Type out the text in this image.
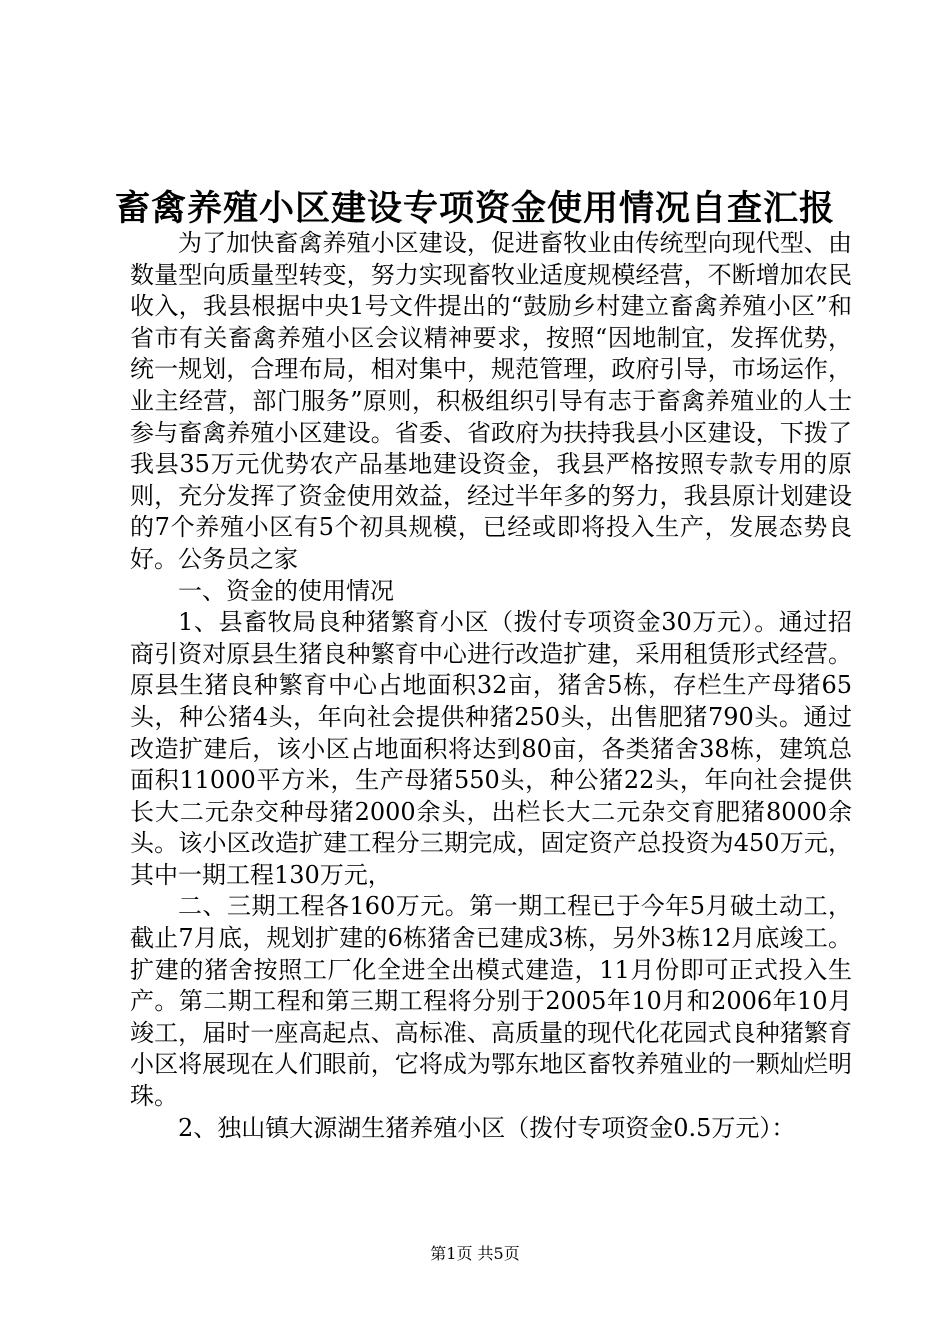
畜禽养殖小区建设专项资金使用情况自查汇报

为了加快畜禽养殖小区建设，促进畜牧业由传统型向现代型、由数量型向质量型转变，努力实现畜牧业适度规模经营，不断增加农民收入，我县根据中央1号文件提出的“鼓励乡村建立畜禽养殖小区”和省市有关畜禽养殖小区会议精神要求，按照“因地制宜，发挥优势，统一规划，合理布局，相对集中，规范管理，政府引导，市场运作，业主经营，部门服务”原则，积极组织引导有志于畜禽养殖业的人士参与畜禽养殖小区建设。省委、省政府为扶持我县小区建设，下拨了我县35万元优势农产品基地建设资金，我县严格按照专款专用的原则，充分发挥了资金使用效益，经过半年多的努力，我县原计划建设的7个养殖小区有5个初具规模，已经或即将投入生产，发展态势良好。公务员之家

一、资金的使用情况

1、县畜牧局良种猪繁育小区（拨付专项资金30万元）。通过招商引资对原县生猪良种繁育中心进行改造扩建，采用租赁形式经营。原县生猪良种繁育中心占地面积32亩，猪舍5栋，存栏生产母猪65头，种公猪4头，年向社会提供种猪250头，出售肥猪790头。通过改造扩建后，该小区占地面积将达到80亩，各类猪舍38栋，建筑总面积11000平方米，生产母猪550头，种公猪22头，年向社会提供长大二元杂交种母猪2000余头，出栏长大二元杂交育肥猪8000余头。该小区改造扩建工程分三期完成，固定资产总投资为450万元，其中一期工程130万元，

二、三期工程各160万元。第一期工程已于今年5月破土动工，截止7月底，规划扩建的6栋猪舍已建成3栋，另外3栋12月底竣工。扩建的猪舍按照工厂化全进全出模式建造，11月份即可正式投入生产。第二期工程和第三期工程将分别于2005年10月和2006年10月竣工，届时一座高起点、高标准、高质量的现代化花园式良种猪繁育小区将展现在人们眼前，它将成为鄂东地区畜牧养殖业的一颗灿烂明珠。

2、独山镇大源湖生猪养殖小区（拨付专项资金0.5万元）：

第1页 共5页
